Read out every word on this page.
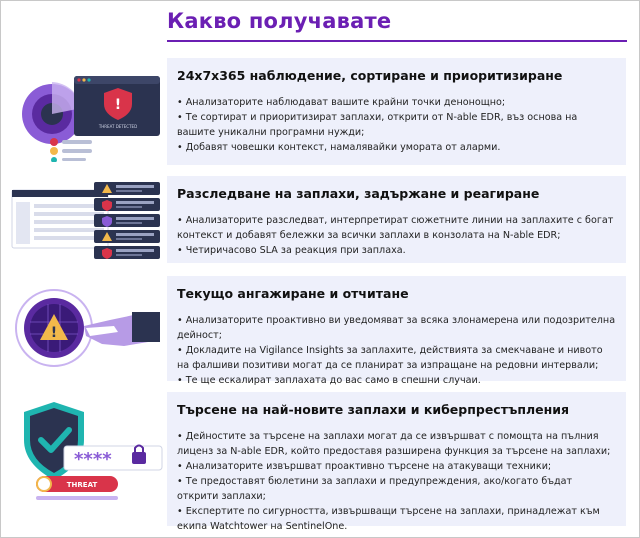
Какво получавате
!
THREAT DETECTED
!
****
THREAT
24x7x365 наблюдение, сортиране и приоритизиране
• Анализаторите наблюдават вашите крайни точки денонощно;
• Те сортират и приоритизират заплахи, открити от N-able EDR, въз основа на вашите уникални програмни нужди;
• Добавят човешки контекст, намалявайки умората от аларми.
Разследване на заплахи, задържане и реагиране
• Анализаторите разследват, интерпретират сюжетните линии на заплахите с богат контекст и добавят бележки за всички заплахи в конзолата на N-able EDR;
• Четиричасово SLA за реакция при заплаха.
Текущо ангажиране и отчитане
• Анализаторите проактивно ви уведомяват за всяка злонамерена или подозрителна дейност;
• Докладите на Vigilance Insights за заплахите, действията за смекчаване и нивото на фалшиви позитиви могат да се планират за изпращане на редовни интервали;
• Те ще ескалират заплахата до вас само в спешни случаи.
Търсене на най-новите заплахи и киберпрестъпления
• Дейностите за търсене на заплахи могат да се извършват с помощта на пълния лиценз за N-able EDR, който предоставя разширена функция за търсене на заплахи;
• Анализаторите извършват проактивно търсене на атакуващи техники;
• Те предоставят бюлетини за заплахи и предупреждения, ако/когато бъдат открити заплахи;
• Експертите по сигурността, извършващи търсене на заплахи, принадлежат към екипа Watchtower на SentinelOne.
